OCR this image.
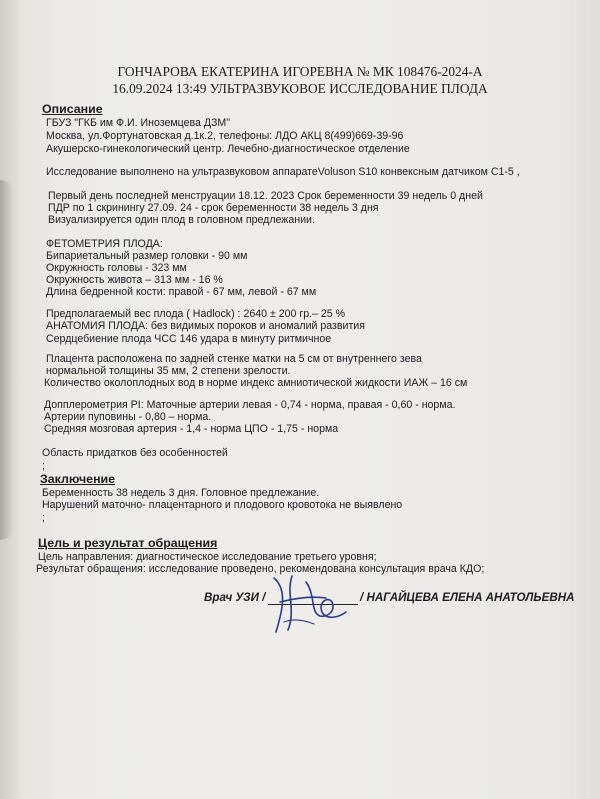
ГОНЧАРОВА ЕКАТЕРИНА ИГОРЕВНА № МК 108476-2024-А
16.09.2024 13:49 УЛЬТРАЗВУКОВОЕ ИССЛЕДОВАНИЕ ПЛОДА
Описание
ГБУЗ "ГКБ им Ф.И. Иноземцева ДЗМ"
Москва, ул.Фортунатовская д.1к.2, телефоны: ЛДО АКЦ 8(499)669-39-96
Акушерско-гинекологический центр. Лечебно-диагностическое отделение
Исследование выполнено на ультразвуковом аппаратеVoluson S10 конвексным датчиком С1-5 ,
Первый день последней менструации 18.12. 2023 Срок беременности 39 недель 0 дней
ПДР по 1 скринингу 27.09. 24 - срок беременности 38 недель 3 дня
Визуализируется один плод в головном предлежании.
ФЕТОМЕТРИЯ ПЛОДА:
Бипариетальный размер головки - 90 мм
Окружность головы - 323 мм
Окружность живота – 313 мм - 16 %
Длина бедренной кости: правой - 67 мм, левой - 67 мм
Предполагаемый вес плода ( Hadlock) : 2640 ± 200 гр.– 25 %
АНАТОМИЯ ПЛОДА: без видимых пороков и аномалий развития
Сердцебиение плода ЧСС 146 удара в минуту ритмичное
Плацента расположена по задней стенке матки на 5 см от внутреннего зева
нормальной толщины 35 мм, 2 степени зрелости.
Количество околоплодных вод в норме индекс амниотической жидкости ИАЖ – 16 см
Допплерометрия PI: Маточные артерии левая - 0,74 - норма, правая - 0,60 - норма.
Артерии пуповины - 0,80 – норма.
Средняя мозговая артерия - 1,4 - норма ЦПО - 1,75 - норма
Область придатков без особенностей
;
Заключение
Беременность 38 недель 3 дня. Головное предлежание.
Нарушений маточно- плацентарного и плодового кровотока не выявлено
;
Цель и результат обращения
Цель направления: диагностическое исследование третьего уровня;
Результат обращения: исследование проведено, рекомендована консультация врача КДО;
Врач УЗИ /	/ НАГАЙЦЕВА ЕЛЕНА АНАТОЛЬЕВНА
